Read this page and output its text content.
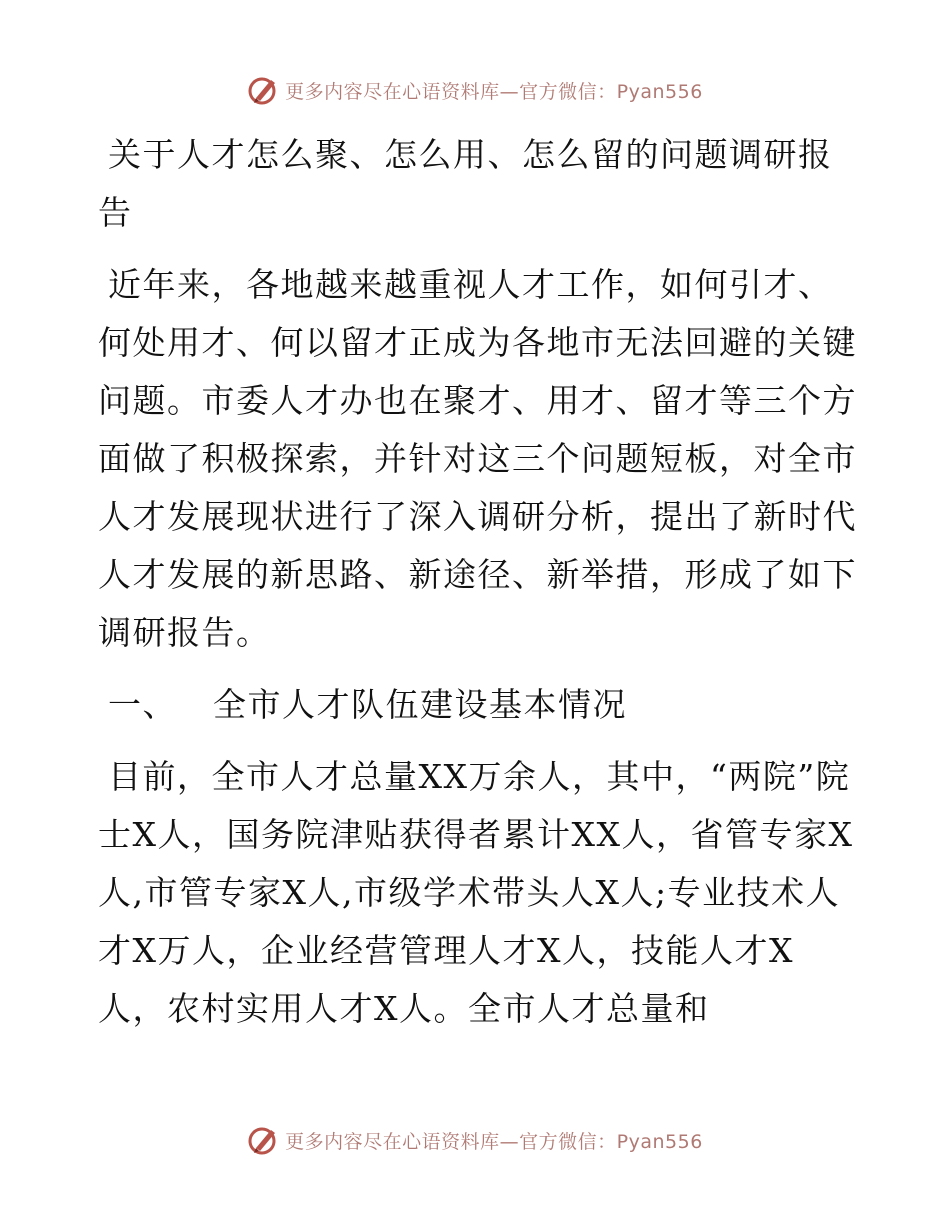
更多内容尽在心语资料库—官方微信：Pyan556

关于人才怎么聚、怎么用、怎么留的问题调研报告

近年来，各地越来越重视人才工作，如何引才、何处用才、何以留才正成为各地市无法回避的关键问题。市委人才办也在聚才、用才、留才等三个方面做了积极探索，并针对这三个问题短板，对全市人才发展现状进行了深入调研分析，提出了新时代人才发展的新思路、新途径、新举措，形成了如下调研报告。

一、 全市人才队伍建设基本情况

目前，全市人才总量XX万余人，其中，“两院”院士X人，国务院津贴获得者累计XX人，省管专家X人,市管专家X人,市级学术带头人X人;专业技术人才X万人，企业经营管理人才X人，技能人才X人，农村实用人才X人。全市人才总量和

更多内容尽在心语资料库—官方微信：Pyan556
